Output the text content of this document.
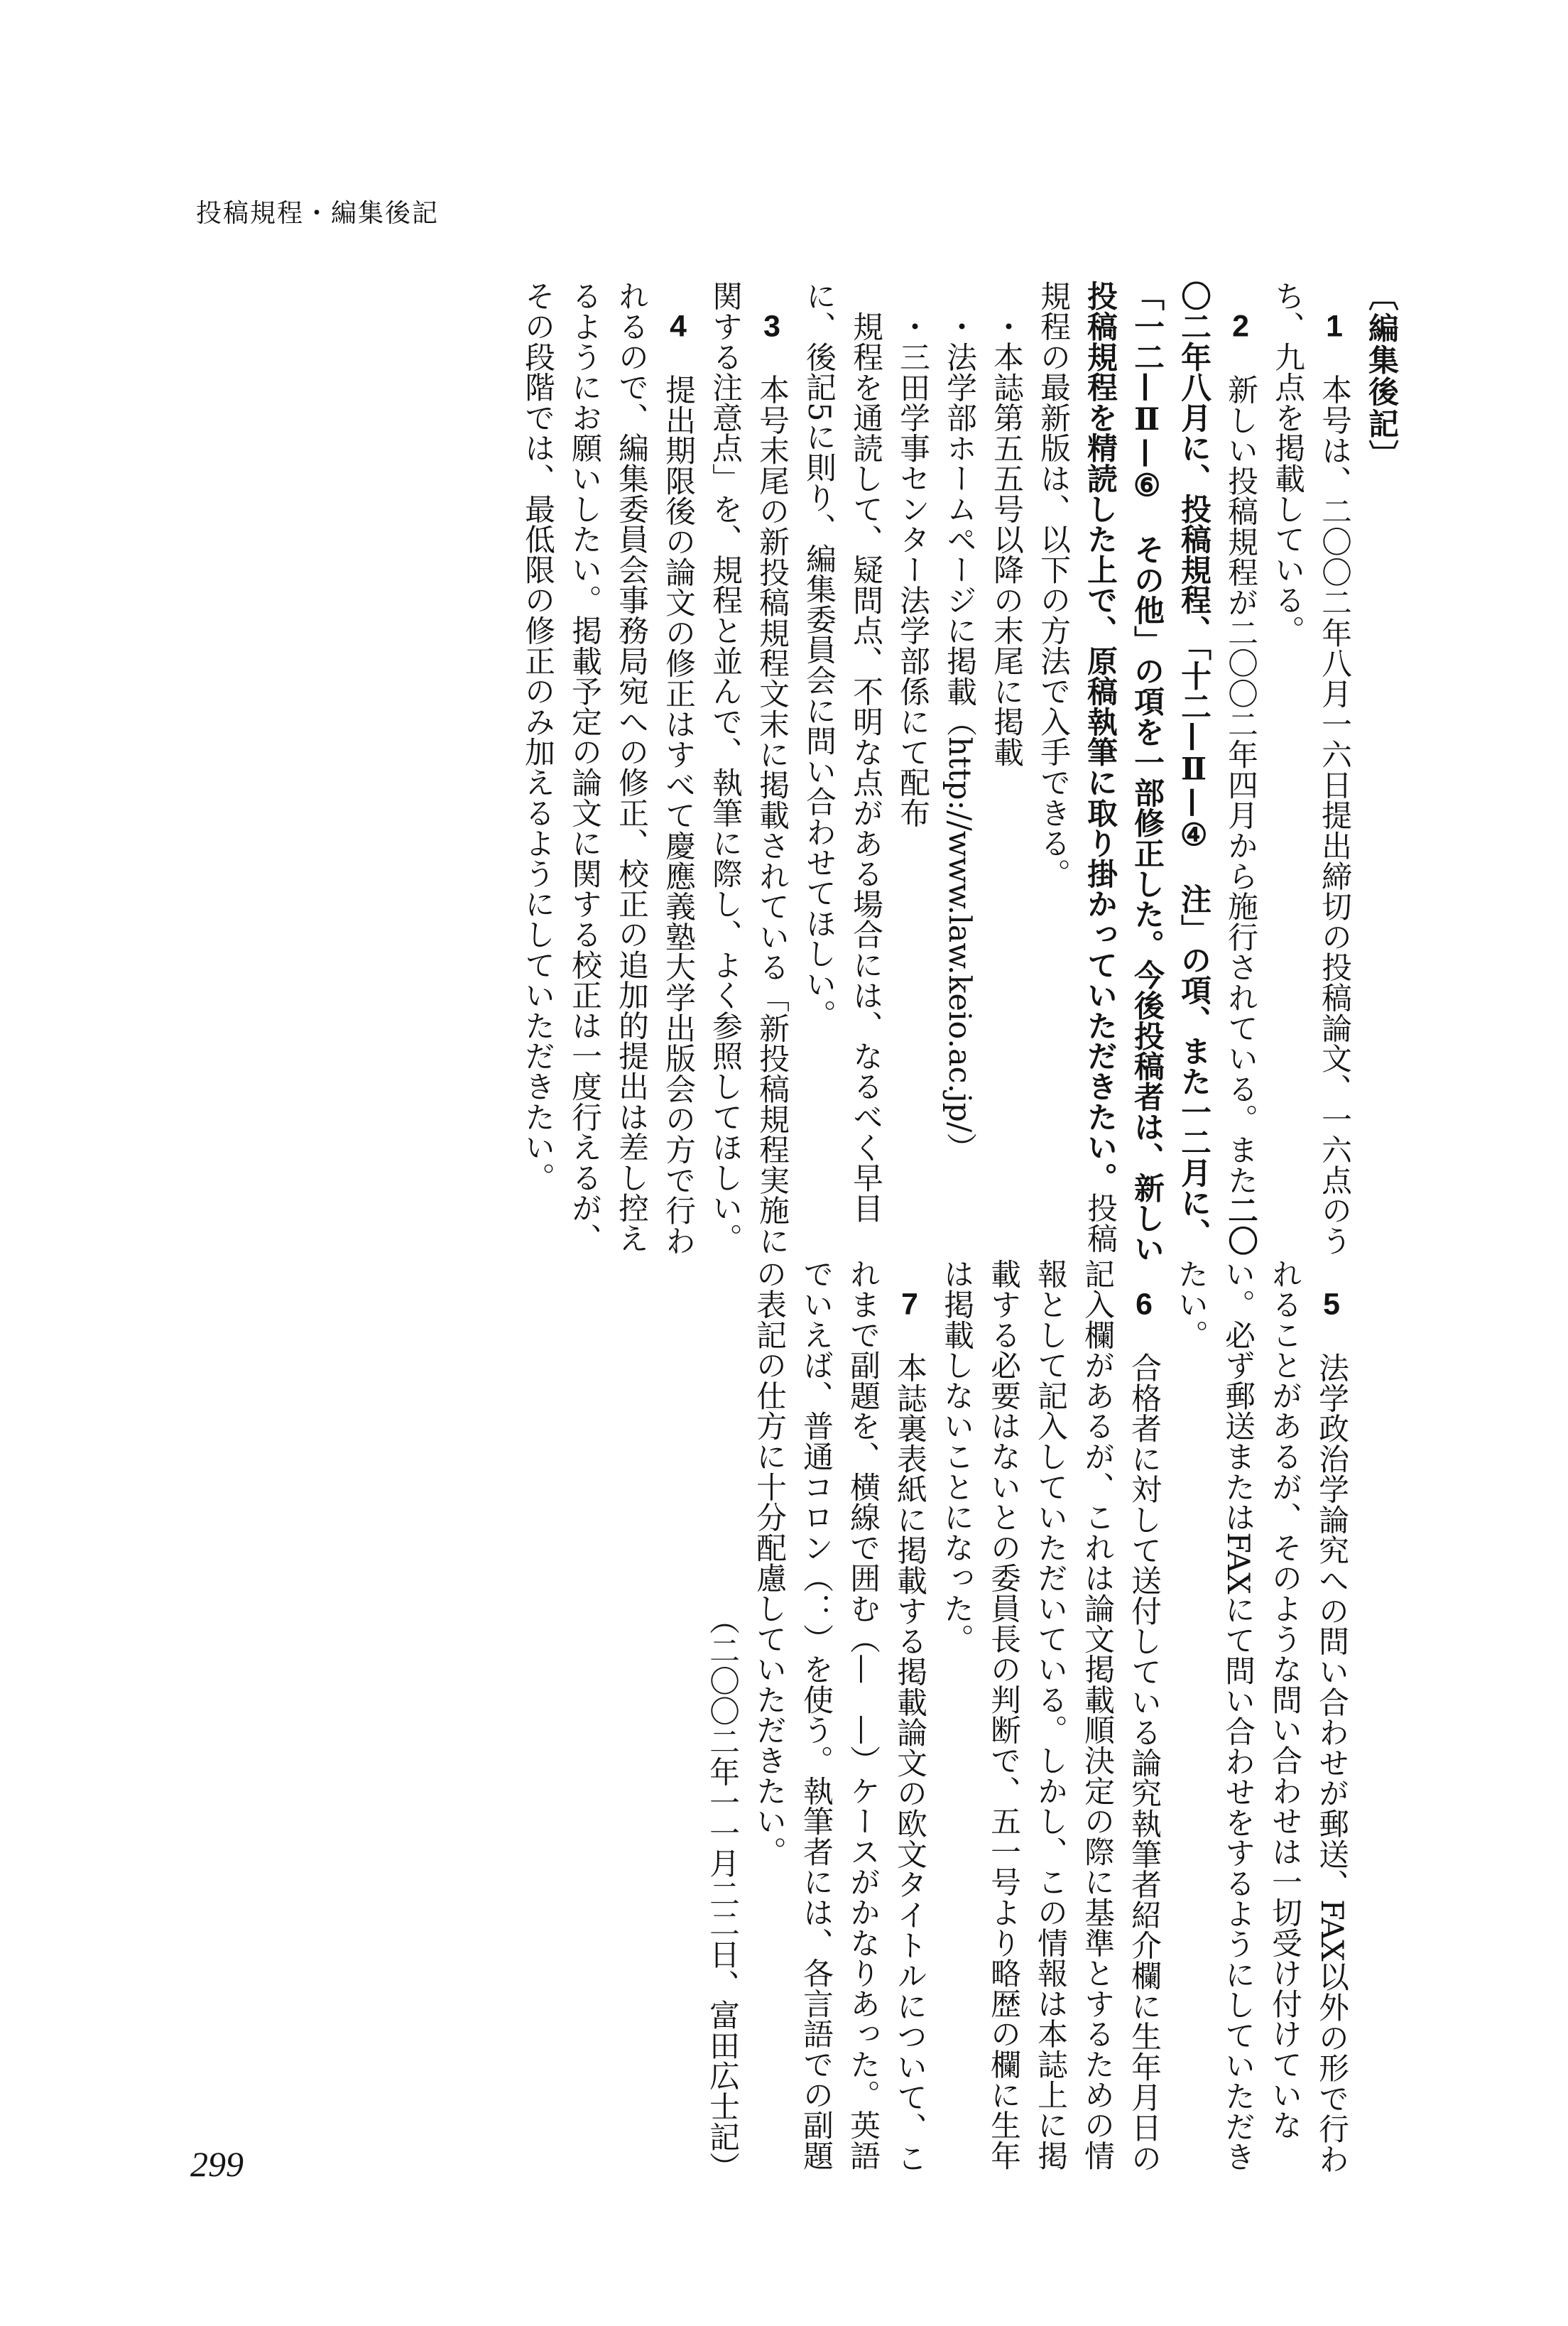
投稿規程・編集後記

〔編集後記〕

1本号は、二〇〇二年八月一六日提出締切の投稿論文、一六点のうち、九点を掲載している。

2新しい投稿規程が二〇〇二年四月から施行されている。また二〇〇二年八月に、投稿規程、「十二—Ⅱ—④　注」の項、また一二月に、「一二—Ⅱ—⑥　その他」の項を一部修正した。今後投稿者は、新しい投稿規程を精読した上で、原稿執筆に取り掛かっていただきたい。投稿規程の最新版は、以下の方法で入手できる。

・本誌第五五号以降の末尾に掲載

・法学部ホームページに掲載（http://www.law.keio.ac.jp/）

・三田学事センター法学部係にて配布

規程を通読して、疑問点、不明な点がある場合には、なるべく早目に、後記5に則り、編集委員会に問い合わせてほしい。

3本号末尾の新投稿規程文末に掲載されている「新投稿規程実施に関する注意点」を、規程と並んで、執筆に際し、よく参照してほしい。

4提出期限後の論文の修正はすべて慶應義塾大学出版会の方で行われるので、編集委員会事務局宛への修正、校正の追加的提出は差し控えるようにお願いしたい。掲載予定の論文に関する校正は一度行えるが、その段階では、最低限の修正のみ加えるようにしていただきたい。

5法学政治学論究への問い合わせが郵送、FAX以外の形で行われることがあるが、そのような問い合わせは一切受け付けていない。必ず郵送またはFAXにて問い合わせをするようにしていただきたい。

6合格者に対して送付している論究執筆者紹介欄に生年月日の記入欄があるが、これは論文掲載順決定の際に基準とするための情報として記入していただいている。しかし、この情報は本誌上に掲載する必要はないとの委員長の判断で、五一号より略歴の欄に生年は掲載しないことになった。

7本誌裏表紙に掲載する掲載論文の欧文タイトルについて、これまで副題を、横線で囲む（—　—）ケースがかなりあった。英語でいえば、普通コロン（：）を使う。執筆者には、各言語での副題の表記の仕方に十分配慮していただきたい。

（二〇〇二年一一月二二日、富田広士記）

299
